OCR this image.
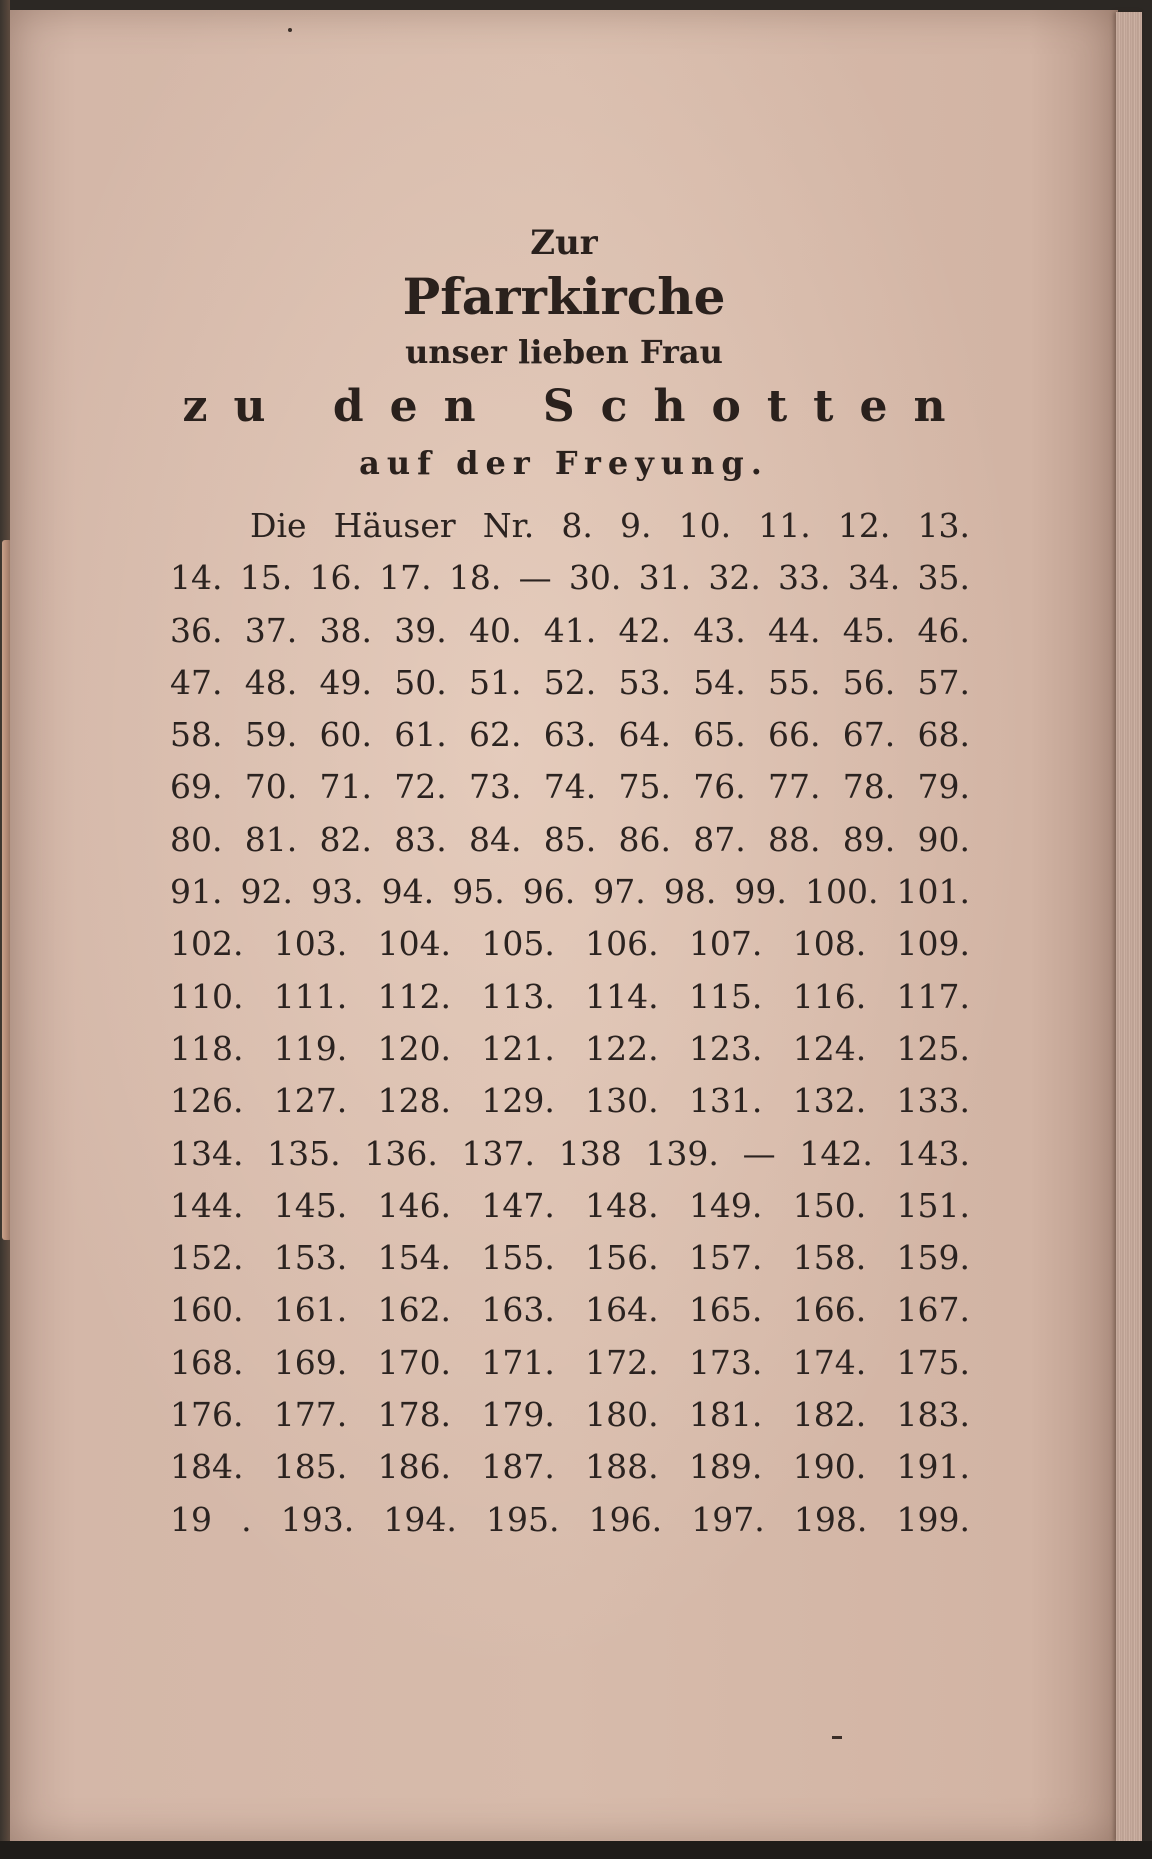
Zur
Pfarrkirche
unser lieben Frau
zu den Schotten
auf der Freyung.
Die Häuser Nr. 8. 9. 10. 11. 12. 13.
14. 15. 16. 17. 18. — 30. 31. 32. 33. 34. 35.
36. 37. 38. 39. 40. 41. 42. 43. 44. 45. 46.
47. 48. 49. 50. 51. 52. 53. 54. 55. 56. 57.
58. 59. 60. 61. 62. 63. 64. 65. 66. 67. 68.
69. 70. 71. 72. 73. 74. 75. 76. 77. 78. 79.
80. 81. 82. 83. 84. 85. 86. 87. 88. 89. 90.
91. 92. 93. 94. 95. 96. 97. 98. 99. 100. 101.
102. 103. 104. 105. 106. 107. 108. 109.
110. 111. 112. 113. 114. 115. 116. 117.
118. 119. 120. 121. 122. 123. 124. 125.
126. 127. 128. 129. 130. 131. 132. 133.
134. 135. 136. 137. 138 139. — 142. 143.
144. 145. 146. 147. 148. 149. 150. 151.
152. 153. 154. 155. 156. 157. 158. 159.
160. 161. 162. 163. 164. 165. 166. 167.
168. 169. 170. 171. 172. 173. 174. 175.
176. 177. 178. 179. 180. 181. 182. 183.
184. 185. 186. 187. 188. 189. 190. 191.
19 . 193. 194. 195. 196. 197. 198. 199.
